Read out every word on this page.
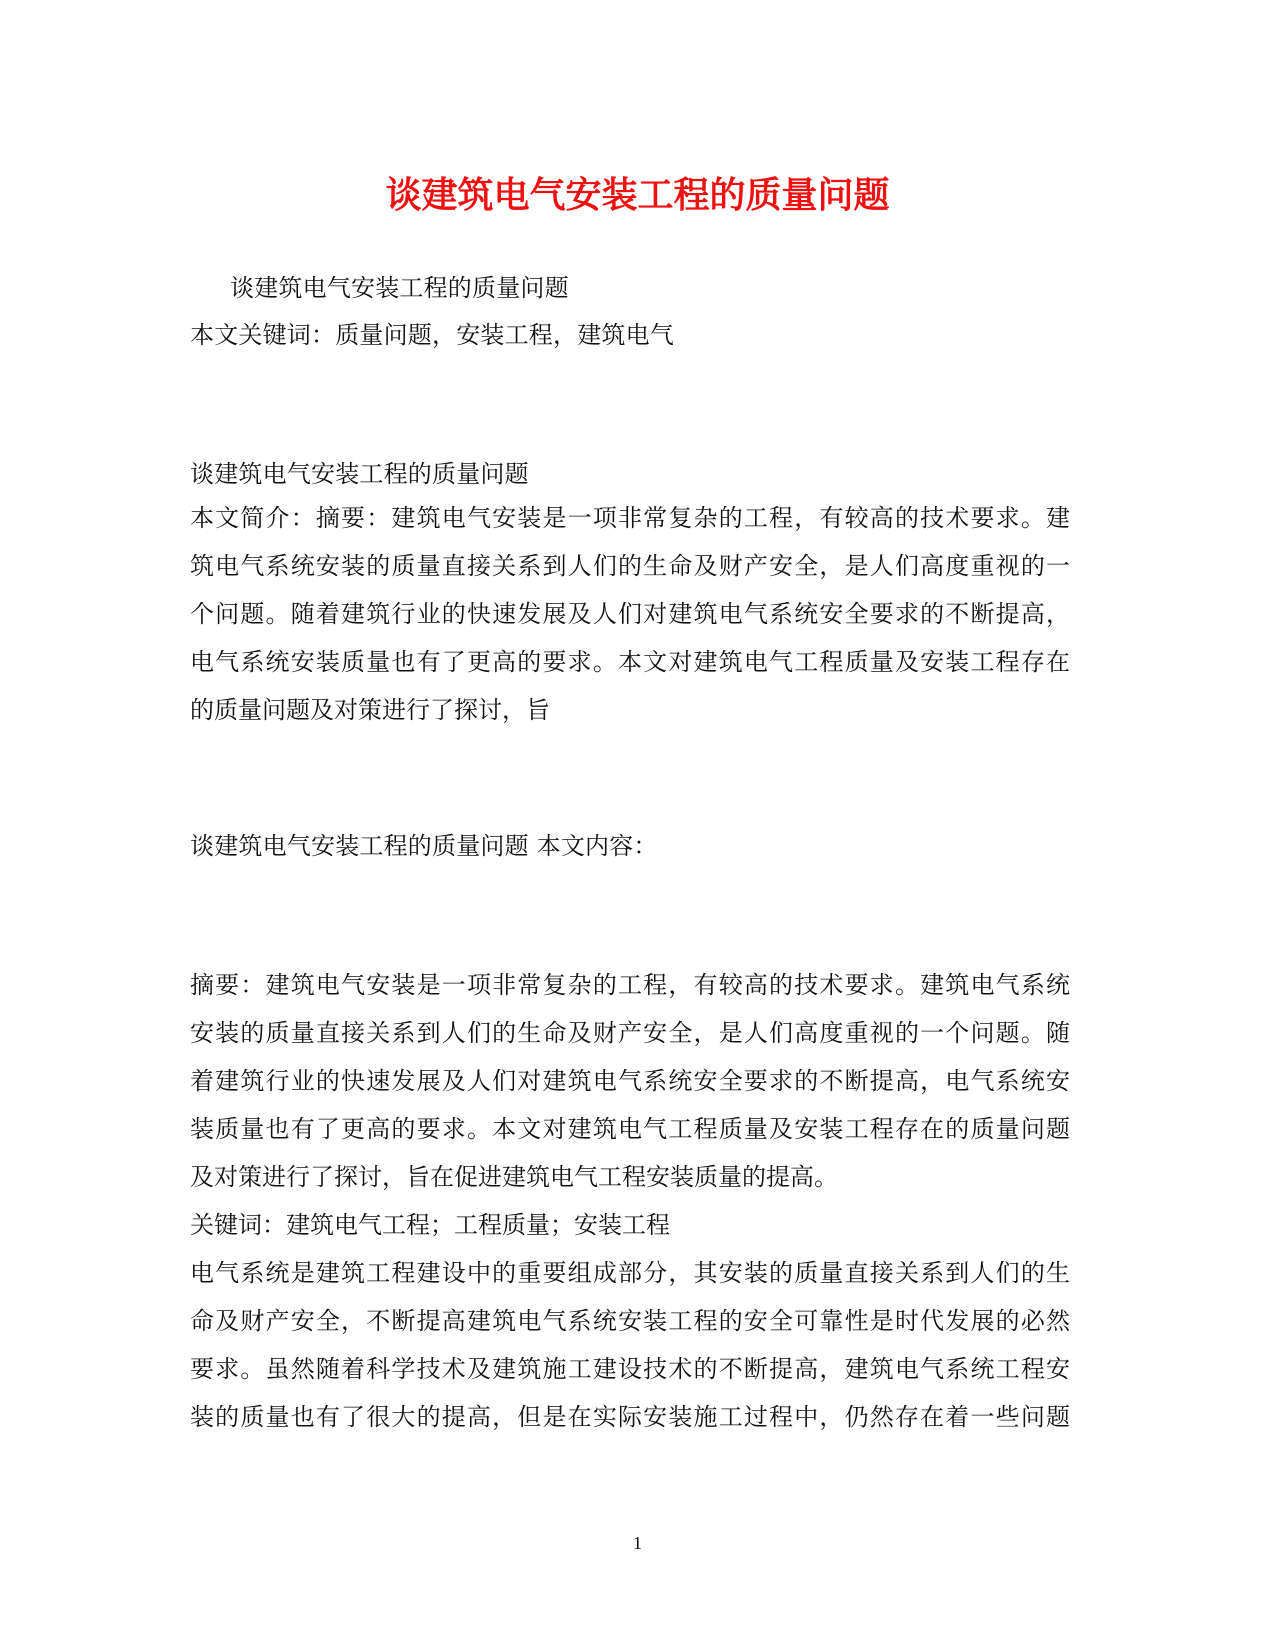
谈建筑电气安装工程的质量问题
谈建筑电气安装工程的质量问题
本文关键词：质量问题，安装工程，建筑电气
谈建筑电气安装工程的质量问题
本文简介：摘要：建筑电气安装是一项非常复杂的工程，有较高的技术要求。建
筑电气系统安装的质量直接关系到人们的生命及财产安全，是人们高度重视的一
个问题。随着建筑行业的快速发展及人们对建筑电气系统安全要求的不断提高，
电气系统安装质量也有了更高的要求。本文对建筑电气工程质量及安装工程存在
的质量问题及对策进行了探讨，旨
谈建筑电气安装工程的质量问题 本文内容：
摘要：建筑电气安装是一项非常复杂的工程，有较高的技术要求。建筑电气系统
安装的质量直接关系到人们的生命及财产安全，是人们高度重视的一个问题。随
着建筑行业的快速发展及人们对建筑电气系统安全要求的不断提高，电气系统安
装质量也有了更高的要求。本文对建筑电气工程质量及安装工程存在的质量问题
及对策进行了探讨，旨在促进建筑电气工程安装质量的提高。
关键词：建筑电气工程；工程质量；安装工程
电气系统是建筑工程建设中的重要组成部分，其安装的质量直接关系到人们的生
命及财产安全，不断提高建筑电气系统安装工程的安全可靠性是时代发展的必然
要求。虽然随着科学技术及建筑施工建设技术的不断提高，建筑电气系统工程安
装的质量也有了很大的提高，但是在实际安装施工过程中，仍然存在着一些问题
1
